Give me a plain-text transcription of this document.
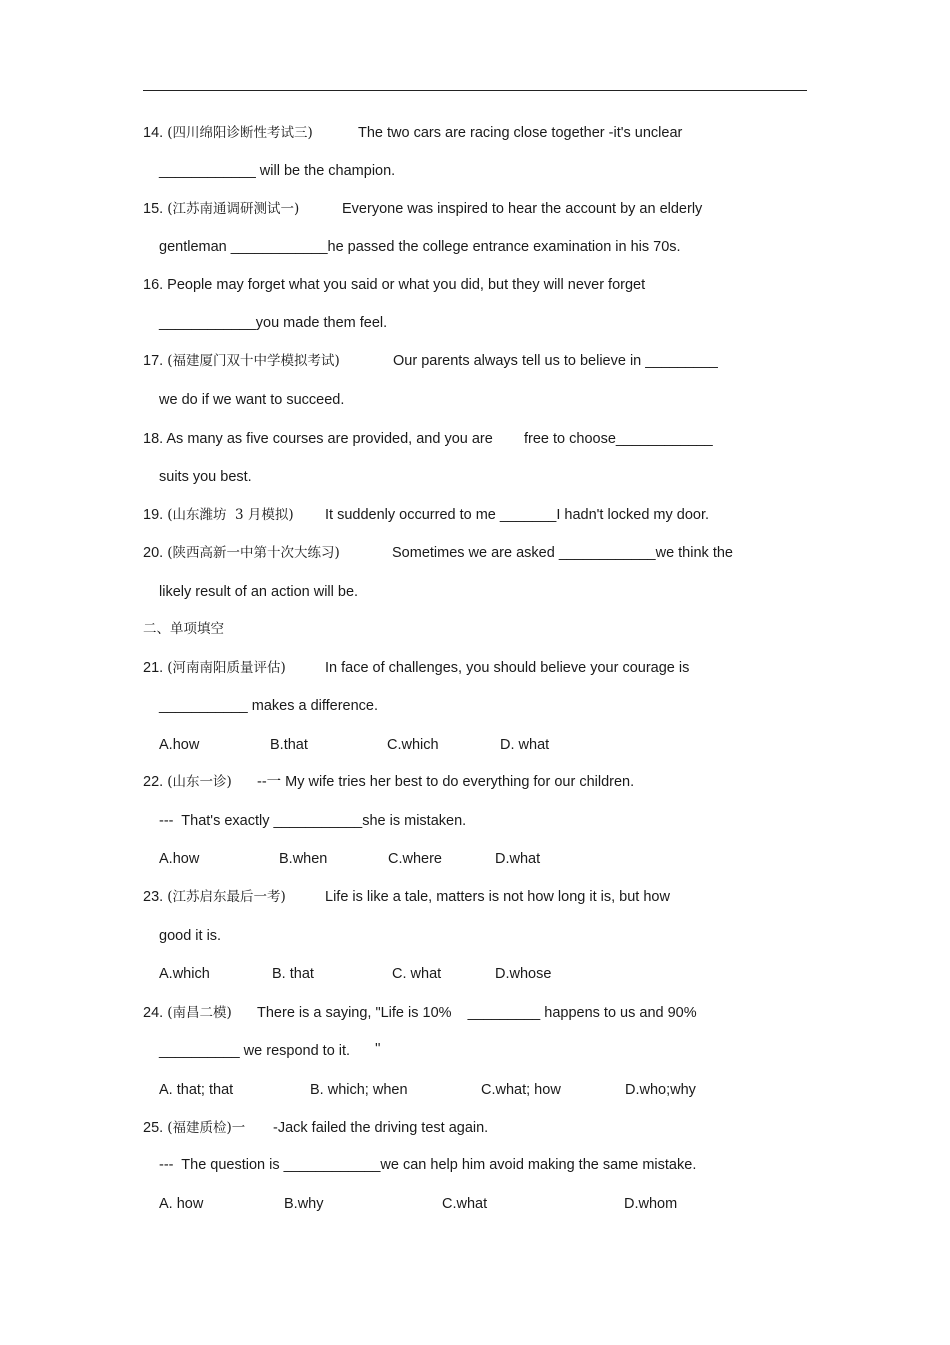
14. (四川绵阳诊断性考试三)	The two cars are racing close together -it's unclear
____________ will be the champion.
15. (江苏南通调研测试一)	Everyone was inspired to hear the account by an elderly
gentleman ____________he passed the college entrance examination in his 70s.
16. People may forget what you said or what you did, but they will never forget
____________you made them feel.
17. (福建厦门双十中学模拟考试)	Our parents always tell us to believe in _________
we do if we want to succeed.
18. As many as five courses are provided, and you are free to choose____________
suits you best.
19. (山东潍坊  3 月模拟) It suddenly occurred to me _______I hadn't locked my door.
20. (陕西高新一中第十次大练习)	Sometimes we are asked ____________we think the
likely result of an action will be.
二、单项填空
21. (河南南阳质量评估)	In face of challenges, you should believe your courage is
___________ makes a difference.
A.how	B.that	C.which	D. what
22. (山东一诊) --一 My wife tries her best to do everything for our children.
---  That's exactly ___________she is mistaken.
A.how	B.when	C.where	D.what
23. (江苏启东最后一考)	Life is like a tale, matters is not how long it is, but how
good it is.
A.which	B. that	C. what	D.whose
24. (南昌二模) There is a saying, "Life is 10%    _________ happens to us and 90%
__________ we respond to it. ''
A. that; that	B. which; when	C.what; how	D.who;why
25. (福建质检)一 -Jack failed the driving test again.
---  The question is ____________we can help him avoid making the same mistake.
A. how	B.why	C.what	D.whom
